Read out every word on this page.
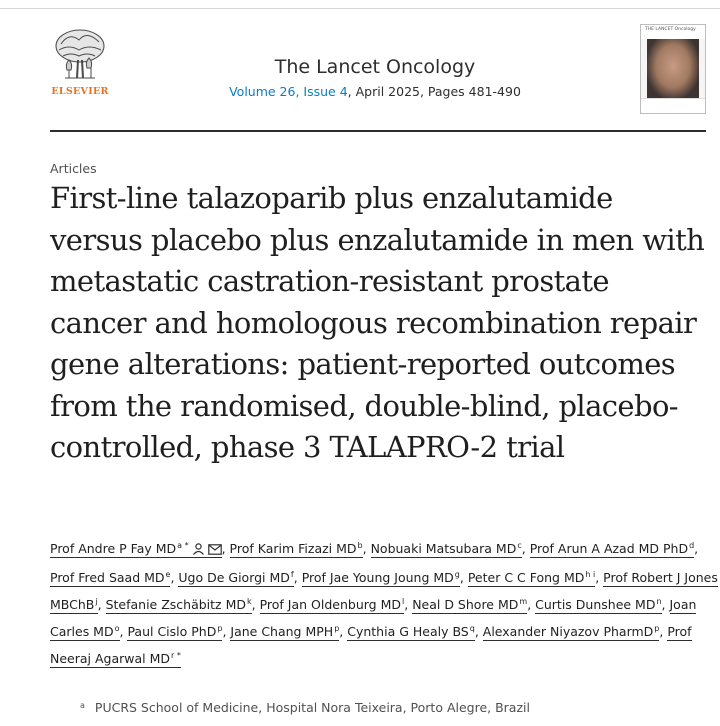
ELSEVIER
The Lancet Oncology
Volume 26, Issue 4, April 2025, Pages 481-490
THE LANCET Oncology
Articles
First-line talazoparib plus enzalutamide versus placebo plus enzalutamide in men with metastatic castration-resistant prostate cancer and homologous recombination repair gene alterations: patient-reported outcomes from the randomised, double-blind, placebo-controlled, phase 3 TALAPRO-2 trial
Prof Andre P Fay $MD^{a *}$	, Prof Karim Fizazi $MD^b$, Nobuaki Matsubara $MD^c$, Prof Arun A Azad MD PhD$^d$, Prof Fred Saad MDe, Ugo De Giorgi $MD^f$, Prof Jae Young Joung $MD^g$, Peter C C Fong $MD^{h i}$, Prof Robert J Jones MBChB$^j$, Stefanie Zschäbitz $MD^k$, Prof Jan Oldenburg $MD^l$, Neal D Shore $MD^m$, Curtis Dunshee $MD^n$, Joan Carles $MD^o$, Paul Cislo PhD$^p$, Jane Chang MPH$^p$, Cynthia G Healy $BS^q$, Alexander Niyazov PharmD$^p$, Prof Neeraj Agarwal $MD^{r *}$
$^a$ PUCRS School of Medicine, Hospital Nora Teixeira, Porto Alegre, Brazil
